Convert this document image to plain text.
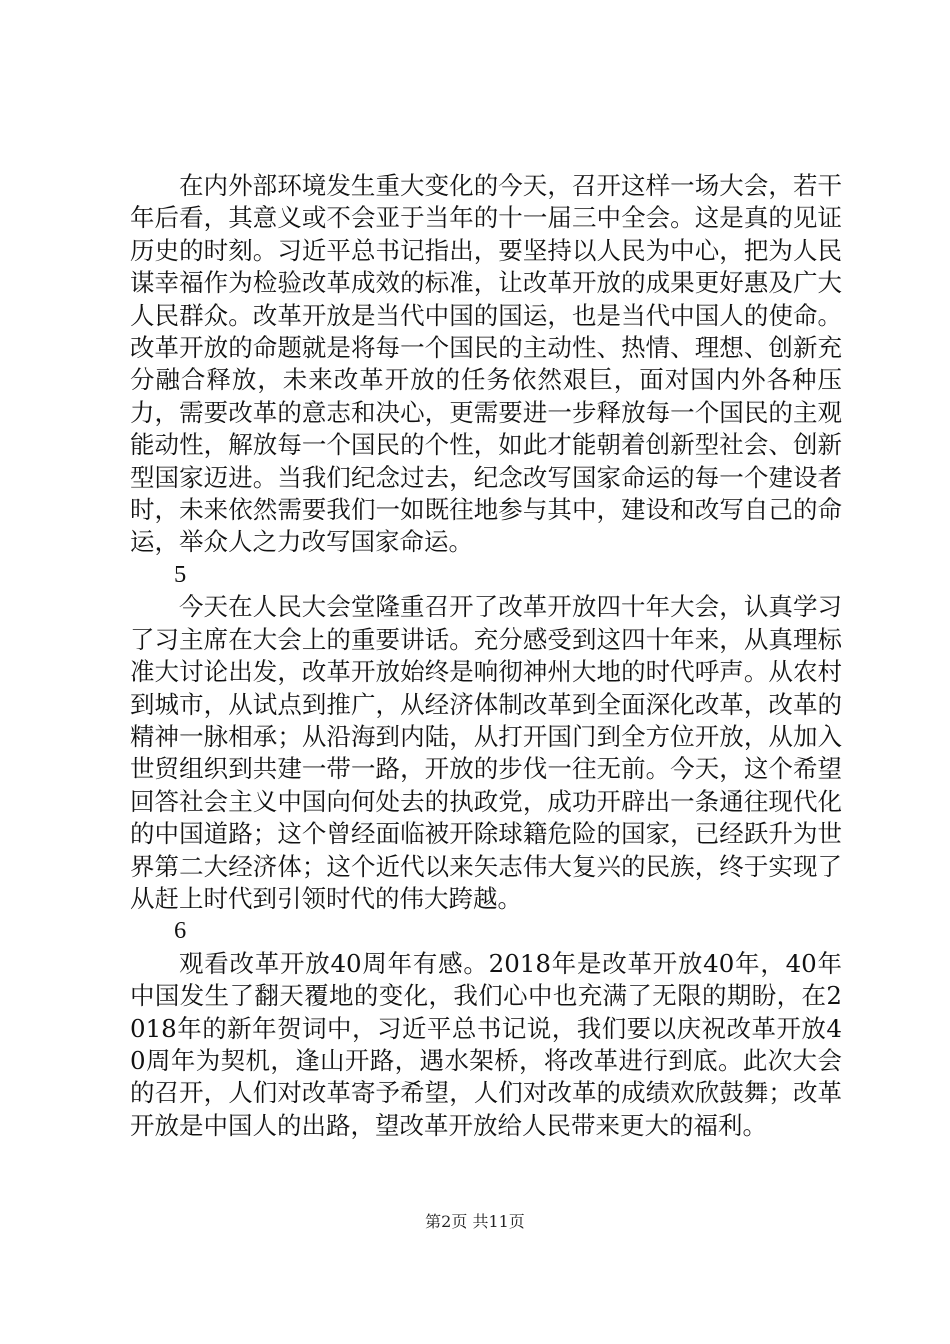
在内外部环境发生重大变化的今天，召开这样一场大会，若干年后看，其意义或不会亚于当年的十一届三中全会。这是真的见证历史的时刻。习近平总书记指出，要坚持以人民为中心，把为人民谋幸福作为检验改革成效的标准，让改革开放的成果更好惠及广大人民群众。改革开放是当代中国的国运，也是当代中国人的使命。改革开放的命题就是将每一个国民的主动性、热情、理想、创新充分融合释放，未来改革开放的任务依然艰巨，面对国内外各种压力，需要改革的意志和决心，更需要进一步释放每一个国民的主观能动性，解放每一个国民的个性，如此才能朝着创新型社会、创新型国家迈进。当我们纪念过去，纪念改写国家命运的每一个建设者时，未来依然需要我们一如既往地参与其中，建设和改写自己的命运，举众人之力改写国家命运。

5

今天在人民大会堂隆重召开了改革开放四十年大会，认真学习了习主席在大会上的重要讲话。充分感受到这四十年来，从真理标准大讨论出发，改革开放始终是响彻神州大地的时代呼声。从农村到城市，从试点到推广，从经济体制改革到全面深化改革，改革的精神一脉相承；从沿海到内陆，从打开国门到全方位开放，从加入世贸组织到共建一带一路，开放的步伐一往无前。今天，这个希望回答社会主义中国向何处去的执政党，成功开辟出一条通往现代化的中国道路；这个曾经面临被开除球籍危险的国家，已经跃升为世界第二大经济体；这个近代以来矢志伟大复兴的民族，终于实现了从赶上时代到引领时代的伟大跨越。

6

观看改革开放40周年有感。2018年是改革开放40年，40年中国发生了翻天覆地的变化，我们心中也充满了无限的期盼，在2018年的新年贺词中，习近平总书记说，我们要以庆祝改革开放40周年为契机，逢山开路，遇水架桥，将改革进行到底。此次大会的召开，人们对改革寄予希望，人们对改革的成绩欢欣鼓舞；改革开放是中国人的出路，望改革开放给人民带来更大的福利。

第2页 共11页
